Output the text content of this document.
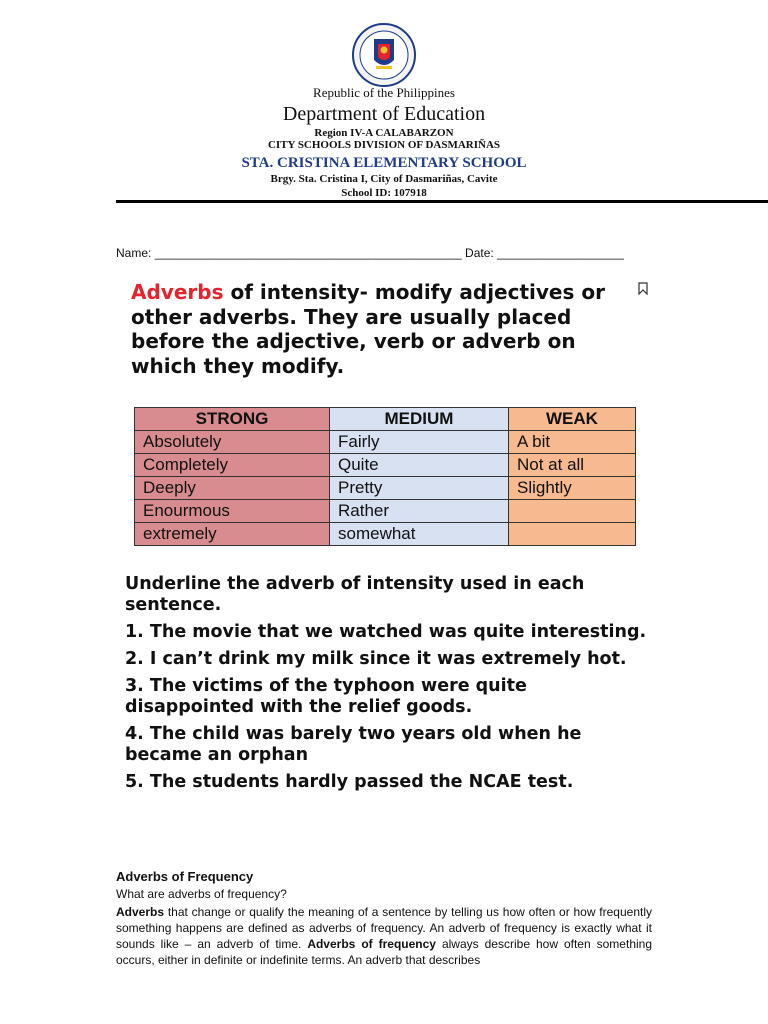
Republic of the Philippines
Department of Education
Region IV-A CALABARZON
CITY SCHOOLS DIVISION OF DASMARIÑAS
STA. CRISTINA ELEMENTARY SCHOOL
Brgy. Sta. Cristina I, City of Dasmariñas, Cavite
School ID: 107918
Name: ______________________________________________ Date: ___________________
Adverbs of intensity- modify adjectives or other adverbs. They are usually placed before the adjective, verb or adverb on which they modify.
STRONG	MEDIUM	WEAK
Absolutely	Fairly	A bit
Completely	Quite	Not at all
Deeply	Pretty	Slightly
Enourmous	Rather	
extremely	somewhat	

Underline the adverb of intensity used in each sentence.

1. The movie that we watched was quite interesting.

2. I can’t drink my milk since it was extremely hot.

3. The victims of the typhoon were quite disappointed with the relief goods.

4. The child was barely two years old when he became an orphan

5. The students hardly passed the NCAE test.

Adverbs of Frequency
What are adverbs of frequency?
Adverbs that change or qualify the meaning of a sentence by telling us how often or how frequently something happens are defined as adverbs of frequency. An adverb of frequency is exactly what it sounds like – an adverb of time. Adverbs of frequency always describe how often something occurs, either in definite or indefinite terms. An adverb that describes
